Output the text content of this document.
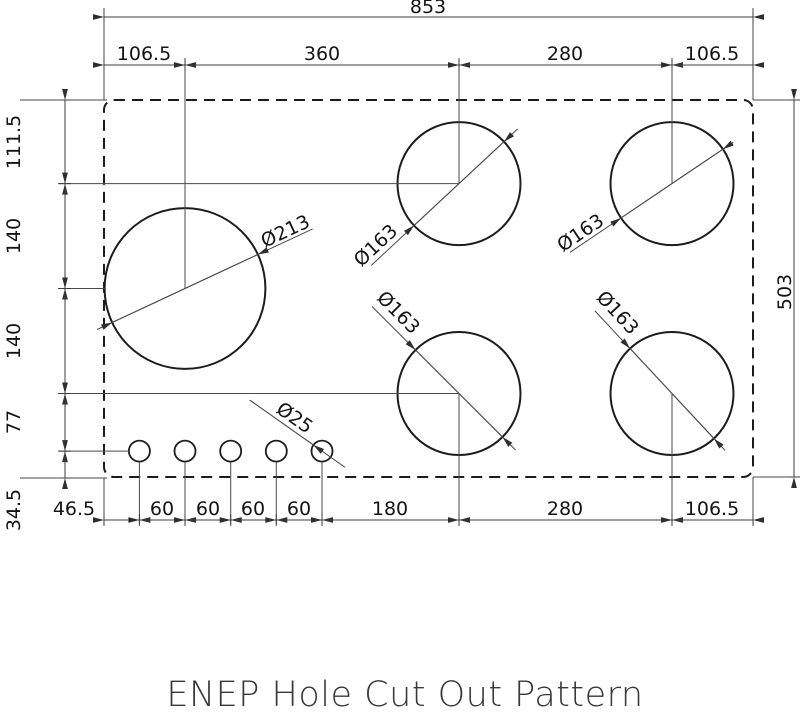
853
106.5	360	280	106.5
46.5	60 60 60 60	180	280	106.5
111.5
140
140
77
34.5
503
Ø213 Ø163	Ø163
Ø163	Ø163
Ø25
ENEP Hole Cut Out Pattern
